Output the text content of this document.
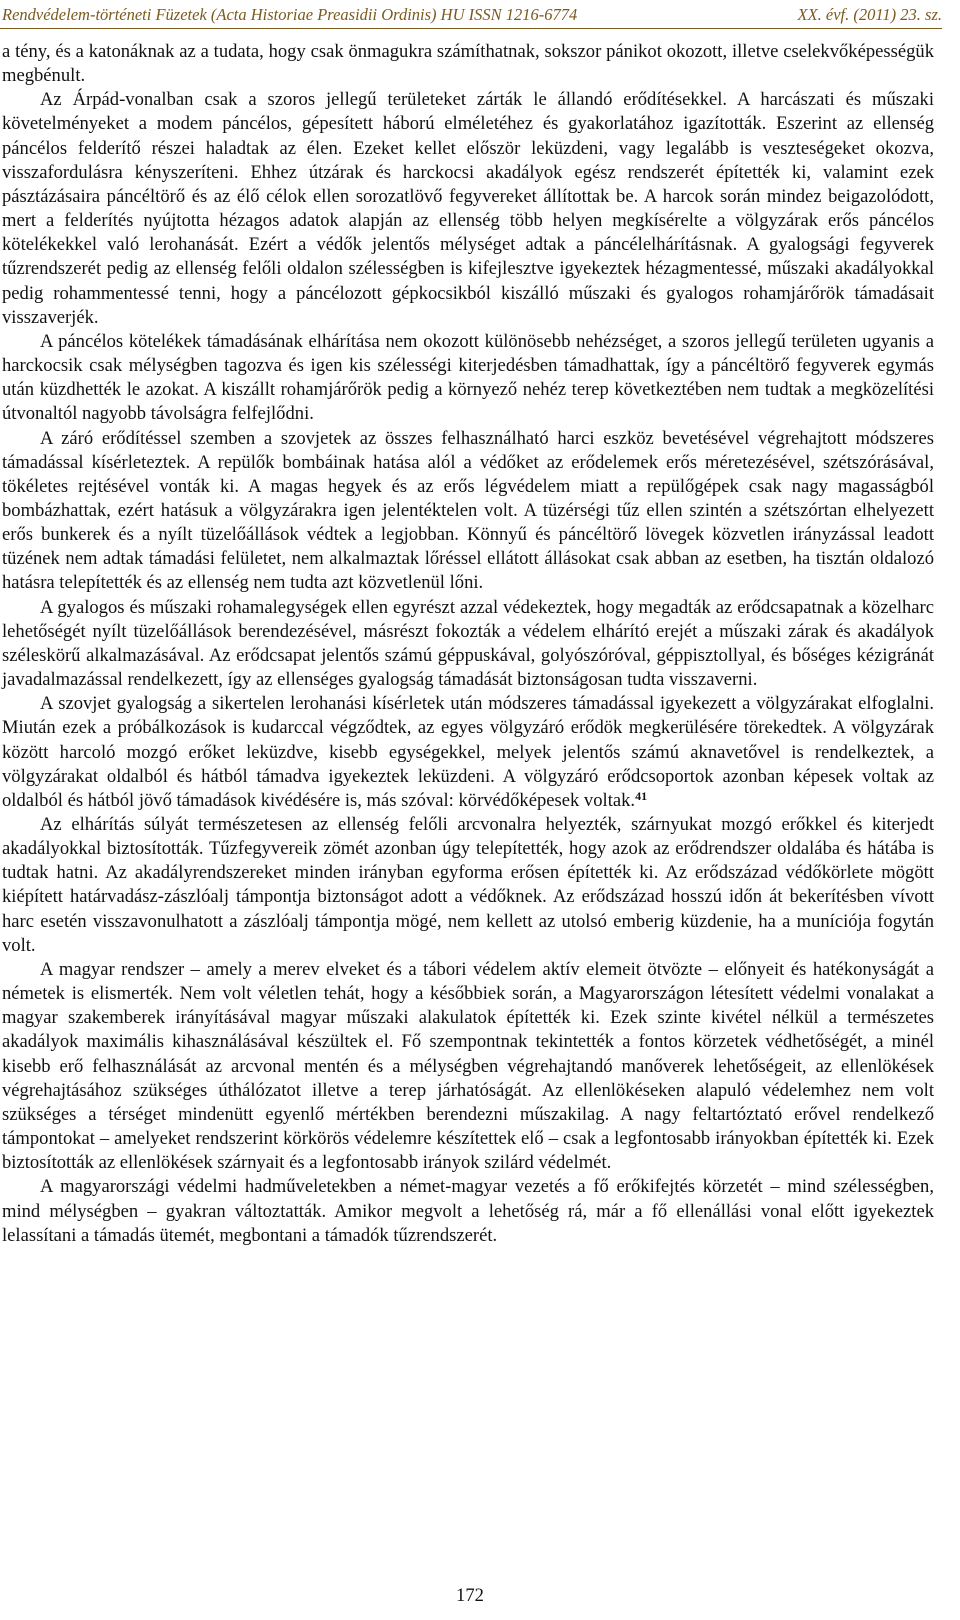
Rendvédelem-történeti Füzetek (Acta Historiae Preasidii Ordinis) HU ISSN 1216-6774	XX. évf. (2011) 23. sz.

a tény, és a katonáknak az a tudata, hogy csak önmagukra számíthatnak, sokszor pánikot okozott, illetve cselekvőképességük megbénult.

Az Árpád-vonalban csak a szoros jellegű területeket zárták le állandó erődítésekkel. A harcászati és műszaki követelményeket a modem páncélos, gépesített háború elméletéhez és gyakorlatához igazították. Eszerint az ellenség páncélos felderítő részei haladtak az élen. Ezeket kellet először leküzdeni, vagy legalább is veszteségeket okozva, visszafordulásra kényszeríteni. Ehhez útzárak és harckocsi akadályok egész rendszerét építették ki, valamint ezek pásztázásaira páncéltörő és az élő célok ellen sorozatlövő fegyvereket állítottak be. A harcok során mindez beigazolódott, mert a felderítés nyújtotta hézagos adatok alapján az ellenség több helyen megkísérelte a völgyzárak erős páncélos kötelékekkel való lerohanását. Ezért a védők jelentős mélységet adtak a páncélelhárításnak. A gyalogsági fegyverek tűzrendszerét pedig az ellenség felőli oldalon szélességben is kifejlesztve igyekeztek hézagmentessé, műszaki akadályokkal pedig rohammentessé tenni, hogy a páncélozott gépkocsikból kiszálló műszaki és gyalogos rohamjárőrök támadásait visszaverjék.

A páncélos kötelékek támadásának elhárítása nem okozott különösebb nehézséget, a szoros jellegű területen ugyanis a harckocsik csak mélységben tagozva és igen kis szélességi kiterjedésben támadhattak, így a páncéltörő fegyverek egymás után küzdhették le azokat. A kiszállt rohamjárőrök pedig a környező nehéz terep következtében nem tudtak a megközelítési útvonaltól nagyobb távolságra felfejlődni.

A záró erődítéssel szemben a szovjetek az összes felhasználható harci eszköz bevetésével végrehajtott módszeres támadással kísérleteztek. A repülők bombáinak hatása alól a védőket az erődelemek erős méretezésével, szétszórásával, tökéletes rejtésével vonták ki. A magas hegyek és az erős légvédelem miatt a repülőgépek csak nagy magasságból bombázhattak, ezért hatásuk a völgyzárakra igen jelentéktelen volt. A tüzérségi tűz ellen szintén a szétszórtan elhelyezett erős bunkerek és a nyílt tüzelőállások védtek a legjobban. Könnyű és páncéltörő lövegek közvetlen irányzással leadott tüzének nem adtak támadási felületet, nem alkalmaztak lőréssel ellátott állásokat csak abban az esetben, ha tisztán oldalozó hatásra telepítették és az ellenség nem tudta azt közvetlenül lőni.

A gyalogos és műszaki rohamalegységek ellen egyrészt azzal védekeztek, hogy megadták az erődcsapatnak a közelharc lehetőségét nyílt tüzelőállások berendezésével, másrészt fokozták a védelem elhárító erejét a műszaki zárak és akadályok széleskörű alkalmazásával. Az erődcsapat jelentős számú géppuskával, golyószóróval, géppisztollyal, és bőséges kézigránát javadalmazással rendelkezett, így az ellenséges gyalogság támadását biztonságosan tudta visszaverni.

A szovjet gyalogság a sikertelen lerohanási kísérletek után módszeres támadással igyekezett a völgyzárakat elfoglalni. Miután ezek a próbálkozások is kudarccal végződtek, az egyes völgyzáró erődök megkerülésére törekedtek. A völgyzárak között harcoló mozgó erőket leküzdve, kisebb egységekkel, melyek jelentős számú aknavetővel is rendelkeztek, a völgyzárakat oldalból és hátból támadva igyekeztek leküzdeni. A völgyzáró erődcsoportok azonban képesek voltak az oldalból és hátból jövő támadások kivédésére is, más szóval: körvédőképesek voltak.$^{41}$

Az elhárítás súlyát természetesen az ellenség felőli arcvonalra helyezték, szárnyukat mozgó erőkkel és kiterjedt akadályokkal biztosították. Tűzfegyvereik zömét azonban úgy telepítették, hogy azok az erődrendszer oldalába és hátába is tudtak hatni. Az akadályrendszereket minden irányban egyforma erősen építették ki. Az erődszázad védőkörlete mögött kiépített határvadász-zászlóalj támpontja biztonságot adott a védőknek. Az erődszázad hosszú időn át bekerítésben vívott harc esetén visszavonulhatott a zászlóalj támpontja mögé, nem kellett az utolsó emberig küzdenie, ha a muníciója fogytán volt.

A magyar rendszer – amely a merev elveket és a tábori védelem aktív elemeit ötvözte – előnyeit és hatékonyságát a németek is elismerték. Nem volt véletlen tehát, hogy a későbbiek során, a Magyarországon létesített védelmi vonalakat a magyar szakemberek irányításával magyar műszaki alakulatok építették ki. Ezek szinte kivétel nélkül a természetes akadályok maximális kihasználásával készültek el. Fő szempontnak tekintették a fontos körzetek védhetőségét, a minél kisebb erő felhasználását az arcvonal mentén és a mélységben végrehajtandó manőverek lehetőségeit, az ellenlökések végrehajtásához szükséges úthálózatot illetve a terep járhatóságát. Az ellenlökéseken alapuló védelemhez nem volt szükséges a térséget mindenütt egyenlő mértékben berendezni műszakilag. A nagy feltartóztató erővel rendelkező támpontokat – amelyeket rendszerint körkörös védelemre készítettek elő – csak a legfontosabb irányokban építették ki. Ezek biztosították az ellenlökések szárnyait és a legfontosabb irányok szilárd védelmét.

A magyarországi védelmi hadműveletekben a német-magyar vezetés a fő erőkifejtés körzetét – mind szélességben, mind mélységben – gyakran változtatták. Amikor megvolt a lehetőség rá, már a fő ellenállási vonal előtt igyekeztek lelassítani a támadás ütemét, megbontani a támadók tűzrendszerét.

172
